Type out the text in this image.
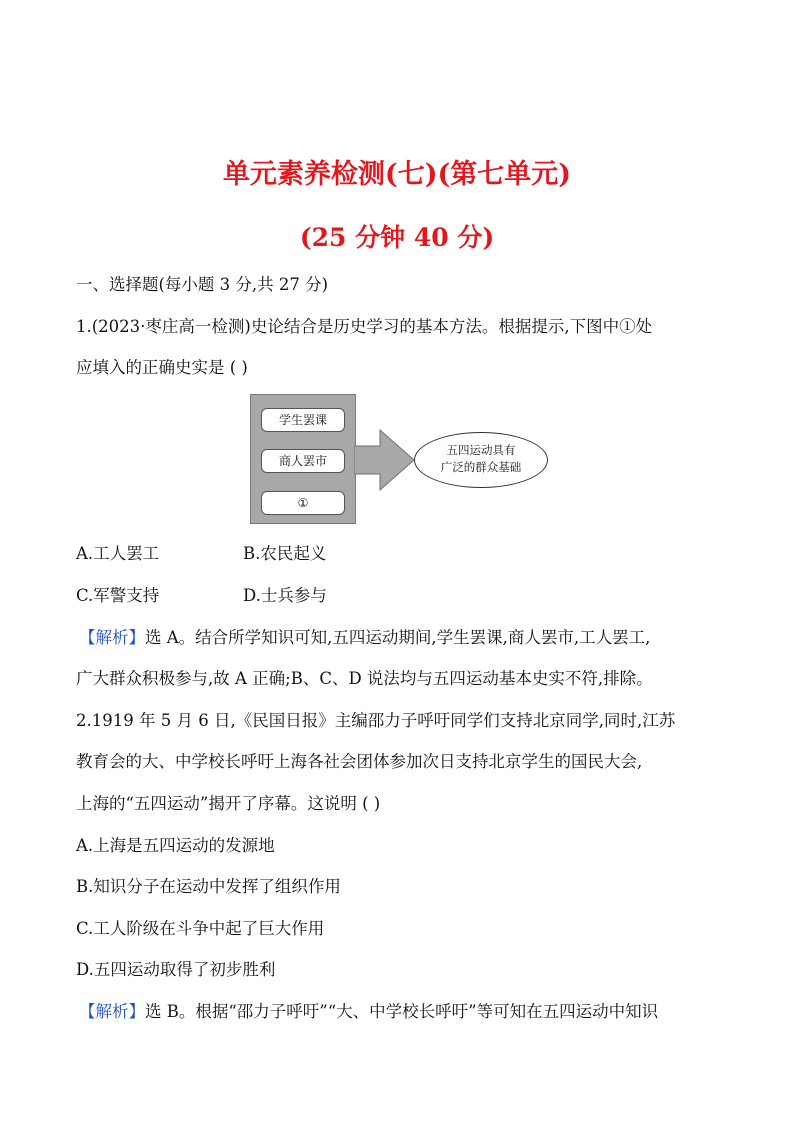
单元素养检测(七)(第七单元)
(25 分钟 40 分)
一、选择题(每小题 3 分,共 27 分)
1.(2023·枣庄高一检测)史论结合是历史学习的基本方法。根据提示,下图中①处
应填入的正确史实是 ( )
学生罢课
商人罢市
①
五四运动具有
广泛的群众基础
A.工人罢工	B.农民起义
C.军警支持	D.士兵参与
【解析】选 A。结合所学知识可知,五四运动期间,学生罢课,商人罢市,工人罢工,
广大群众积极参与,故 A 正确;B、C、D 说法均与五四运动基本史实不符,排除。
2.1919 年 5 月 6 日,《民国日报》主编邵力子呼吁同学们支持北京同学,同时,江苏
教育会的大、中学校长呼吁上海各社会团体参加次日支持北京学生的国民大会,
上海的“五四运动”揭开了序幕。这说明 ( )
A.上海是五四运动的发源地
B.知识分子在运动中发挥了组织作用
C.工人阶级在斗争中起了巨大作用
D.五四运动取得了初步胜利
【解析】选 B。根据“邵力子呼吁”“大、中学校长呼吁”等可知在五四运动中知识
